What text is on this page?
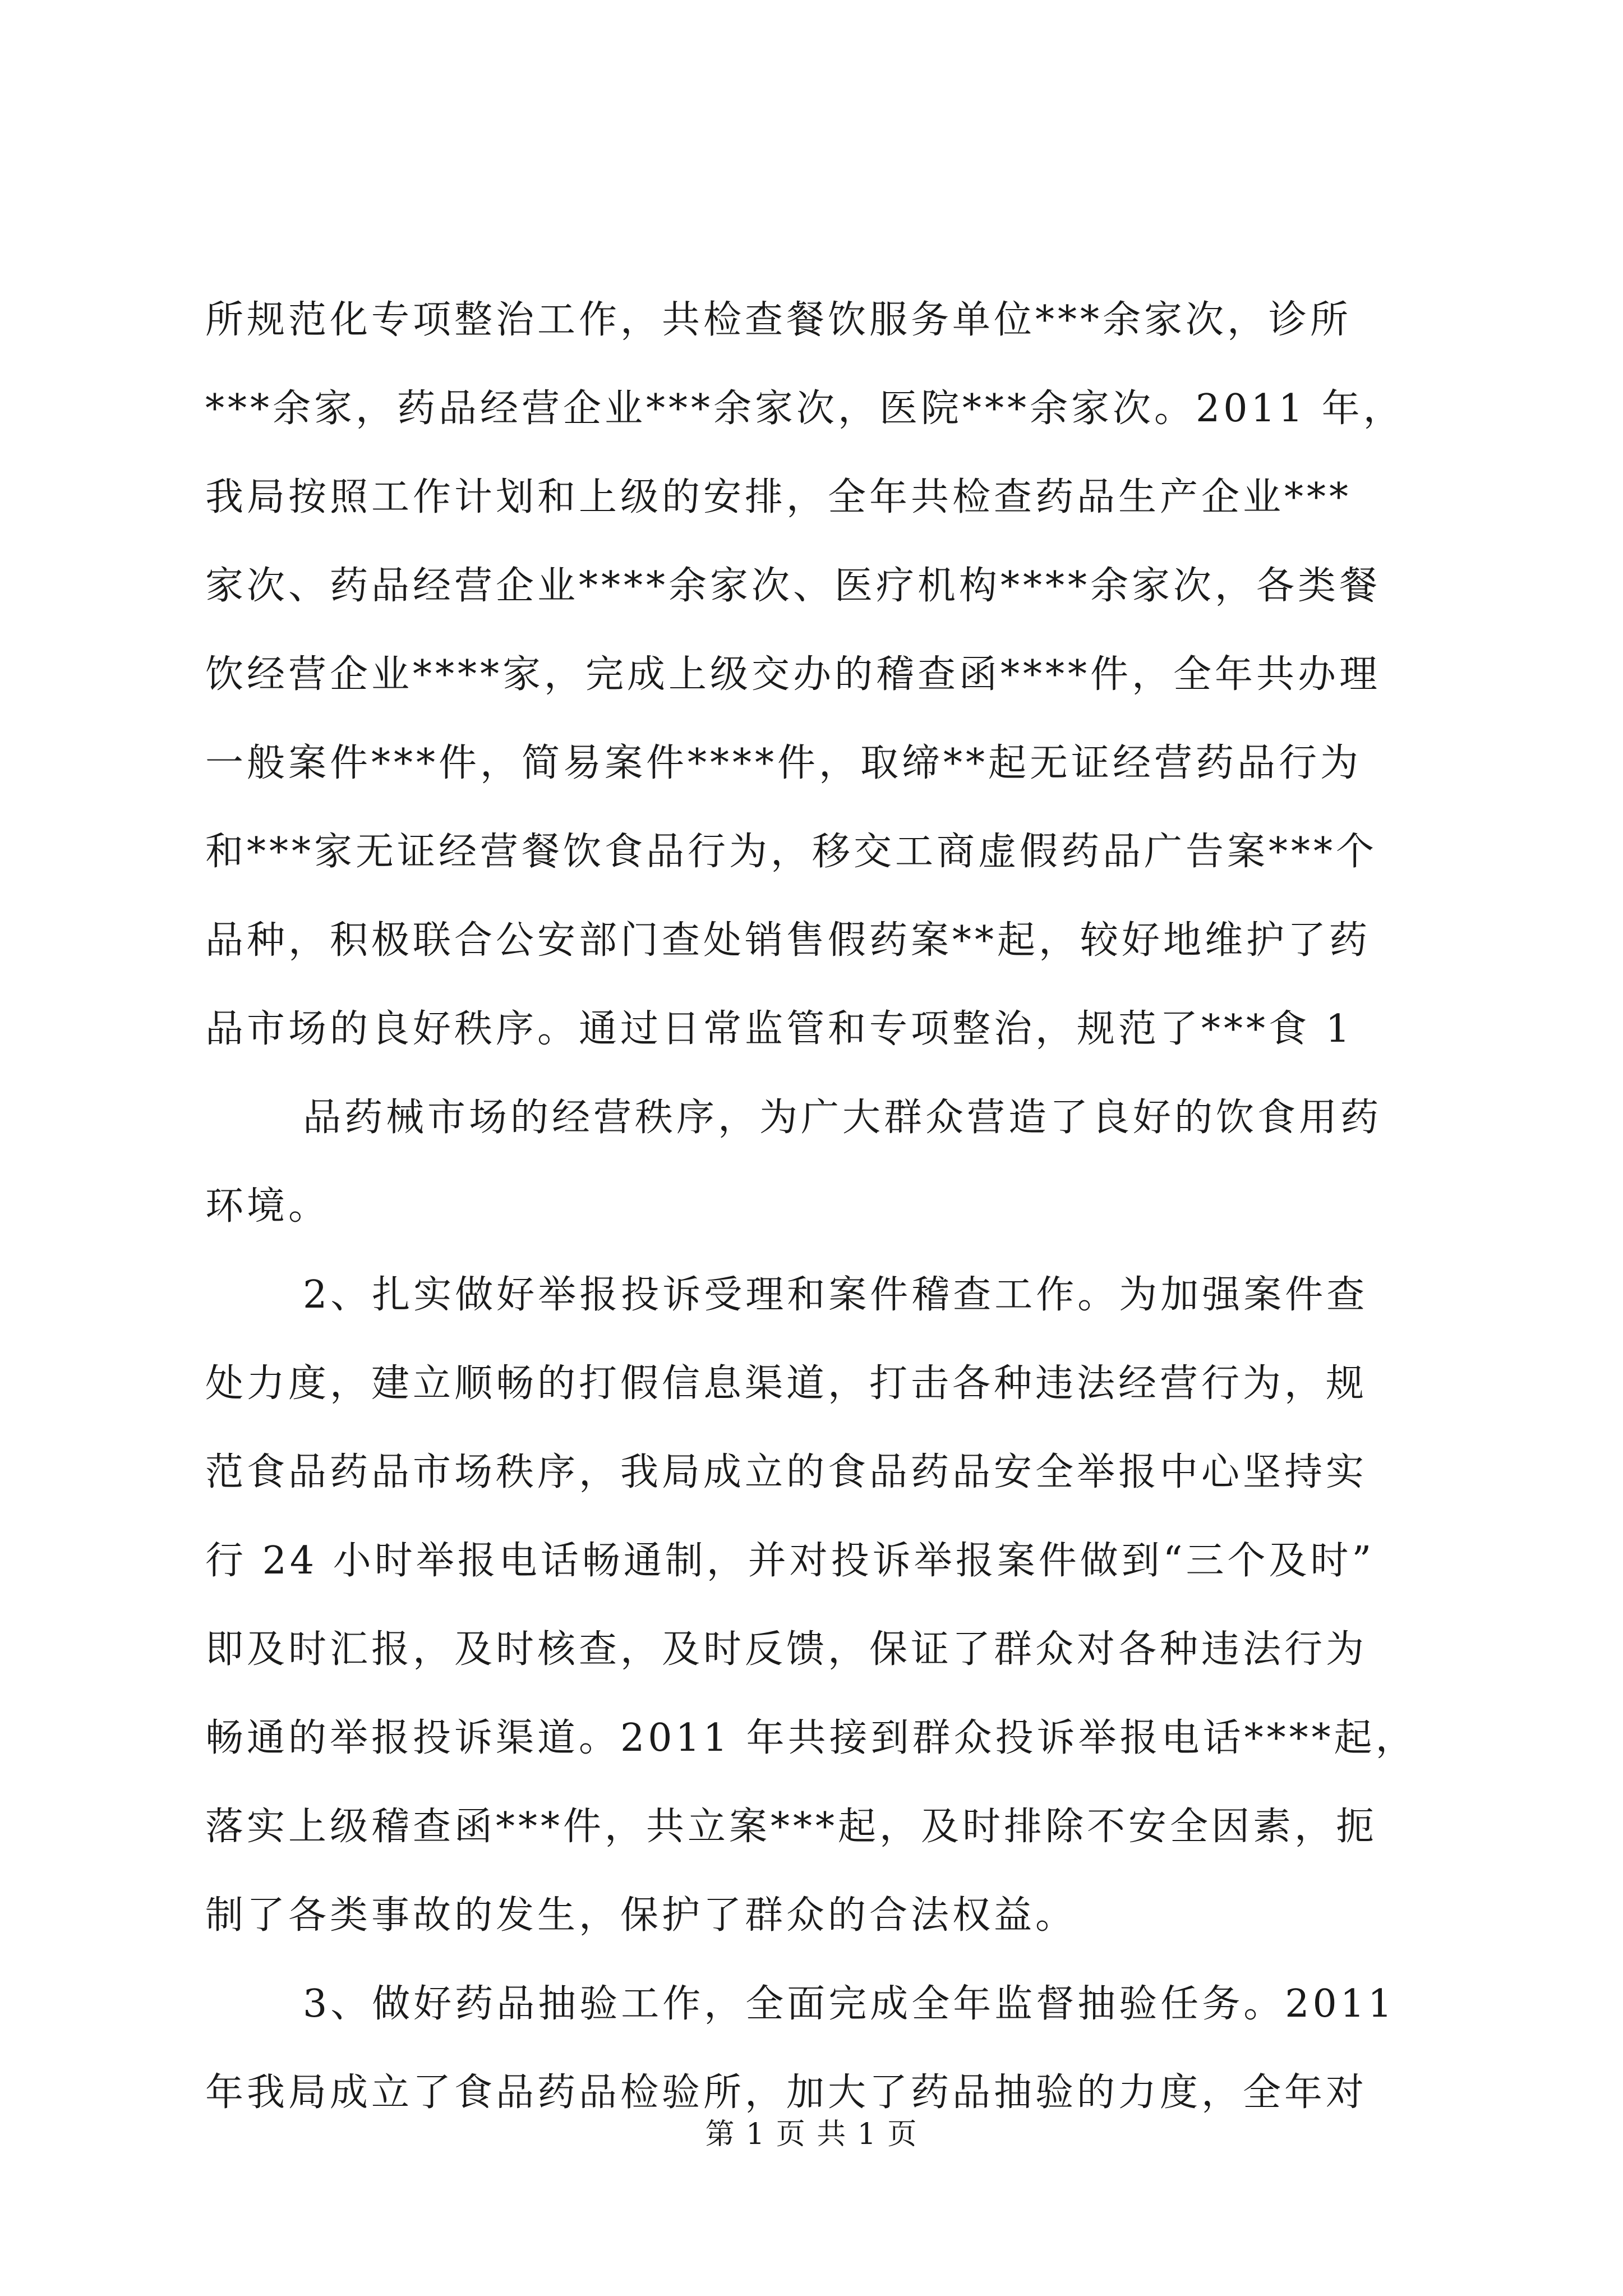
所规范化专项整治工作，共检查餐饮服务单位***余家次，诊所
***余家，药品经营企业***余家次，医院***余家次。2011 年，
我局按照工作计划和上级的安排，全年共检查药品生产企业***
家次、药品经营企业****余家次、医疗机构****余家次，各类餐
饮经营企业****家，完成上级交办的稽查函****件，全年共办理
一般案件***件，简易案件****件，取缔**起无证经营药品行为
和***家无证经营餐饮食品行为，移交工商虚假药品广告案***个
品种，积极联合公安部门查处销售假药案**起，较好地维护了药
品市场的良好秩序。通过日常监管和专项整治，规范了***食 1
品药械市场的经营秩序，为广大群众营造了良好的饮食用药
环境。
2、扎实做好举报投诉受理和案件稽查工作。为加强案件查
处力度，建立顺畅的打假信息渠道，打击各种违法经营行为，规
范食品药品市场秩序，我局成立的食品药品安全举报中心坚持实
行 24 小时举报电话畅通制，并对投诉举报案件做到“三个及时”
即及时汇报，及时核查，及时反馈，保证了群众对各种违法行为
畅通的举报投诉渠道。2011 年共接到群众投诉举报电话****起，
落实上级稽查函***件，共立案***起，及时排除不安全因素，扼
制了各类事故的发生，保护了群众的合法权益。
3、做好药品抽验工作，全面完成全年监督抽验任务。2011
年我局成立了食品药品检验所，加大了药品抽验的力度，全年对
第 1 页 共 1 页
